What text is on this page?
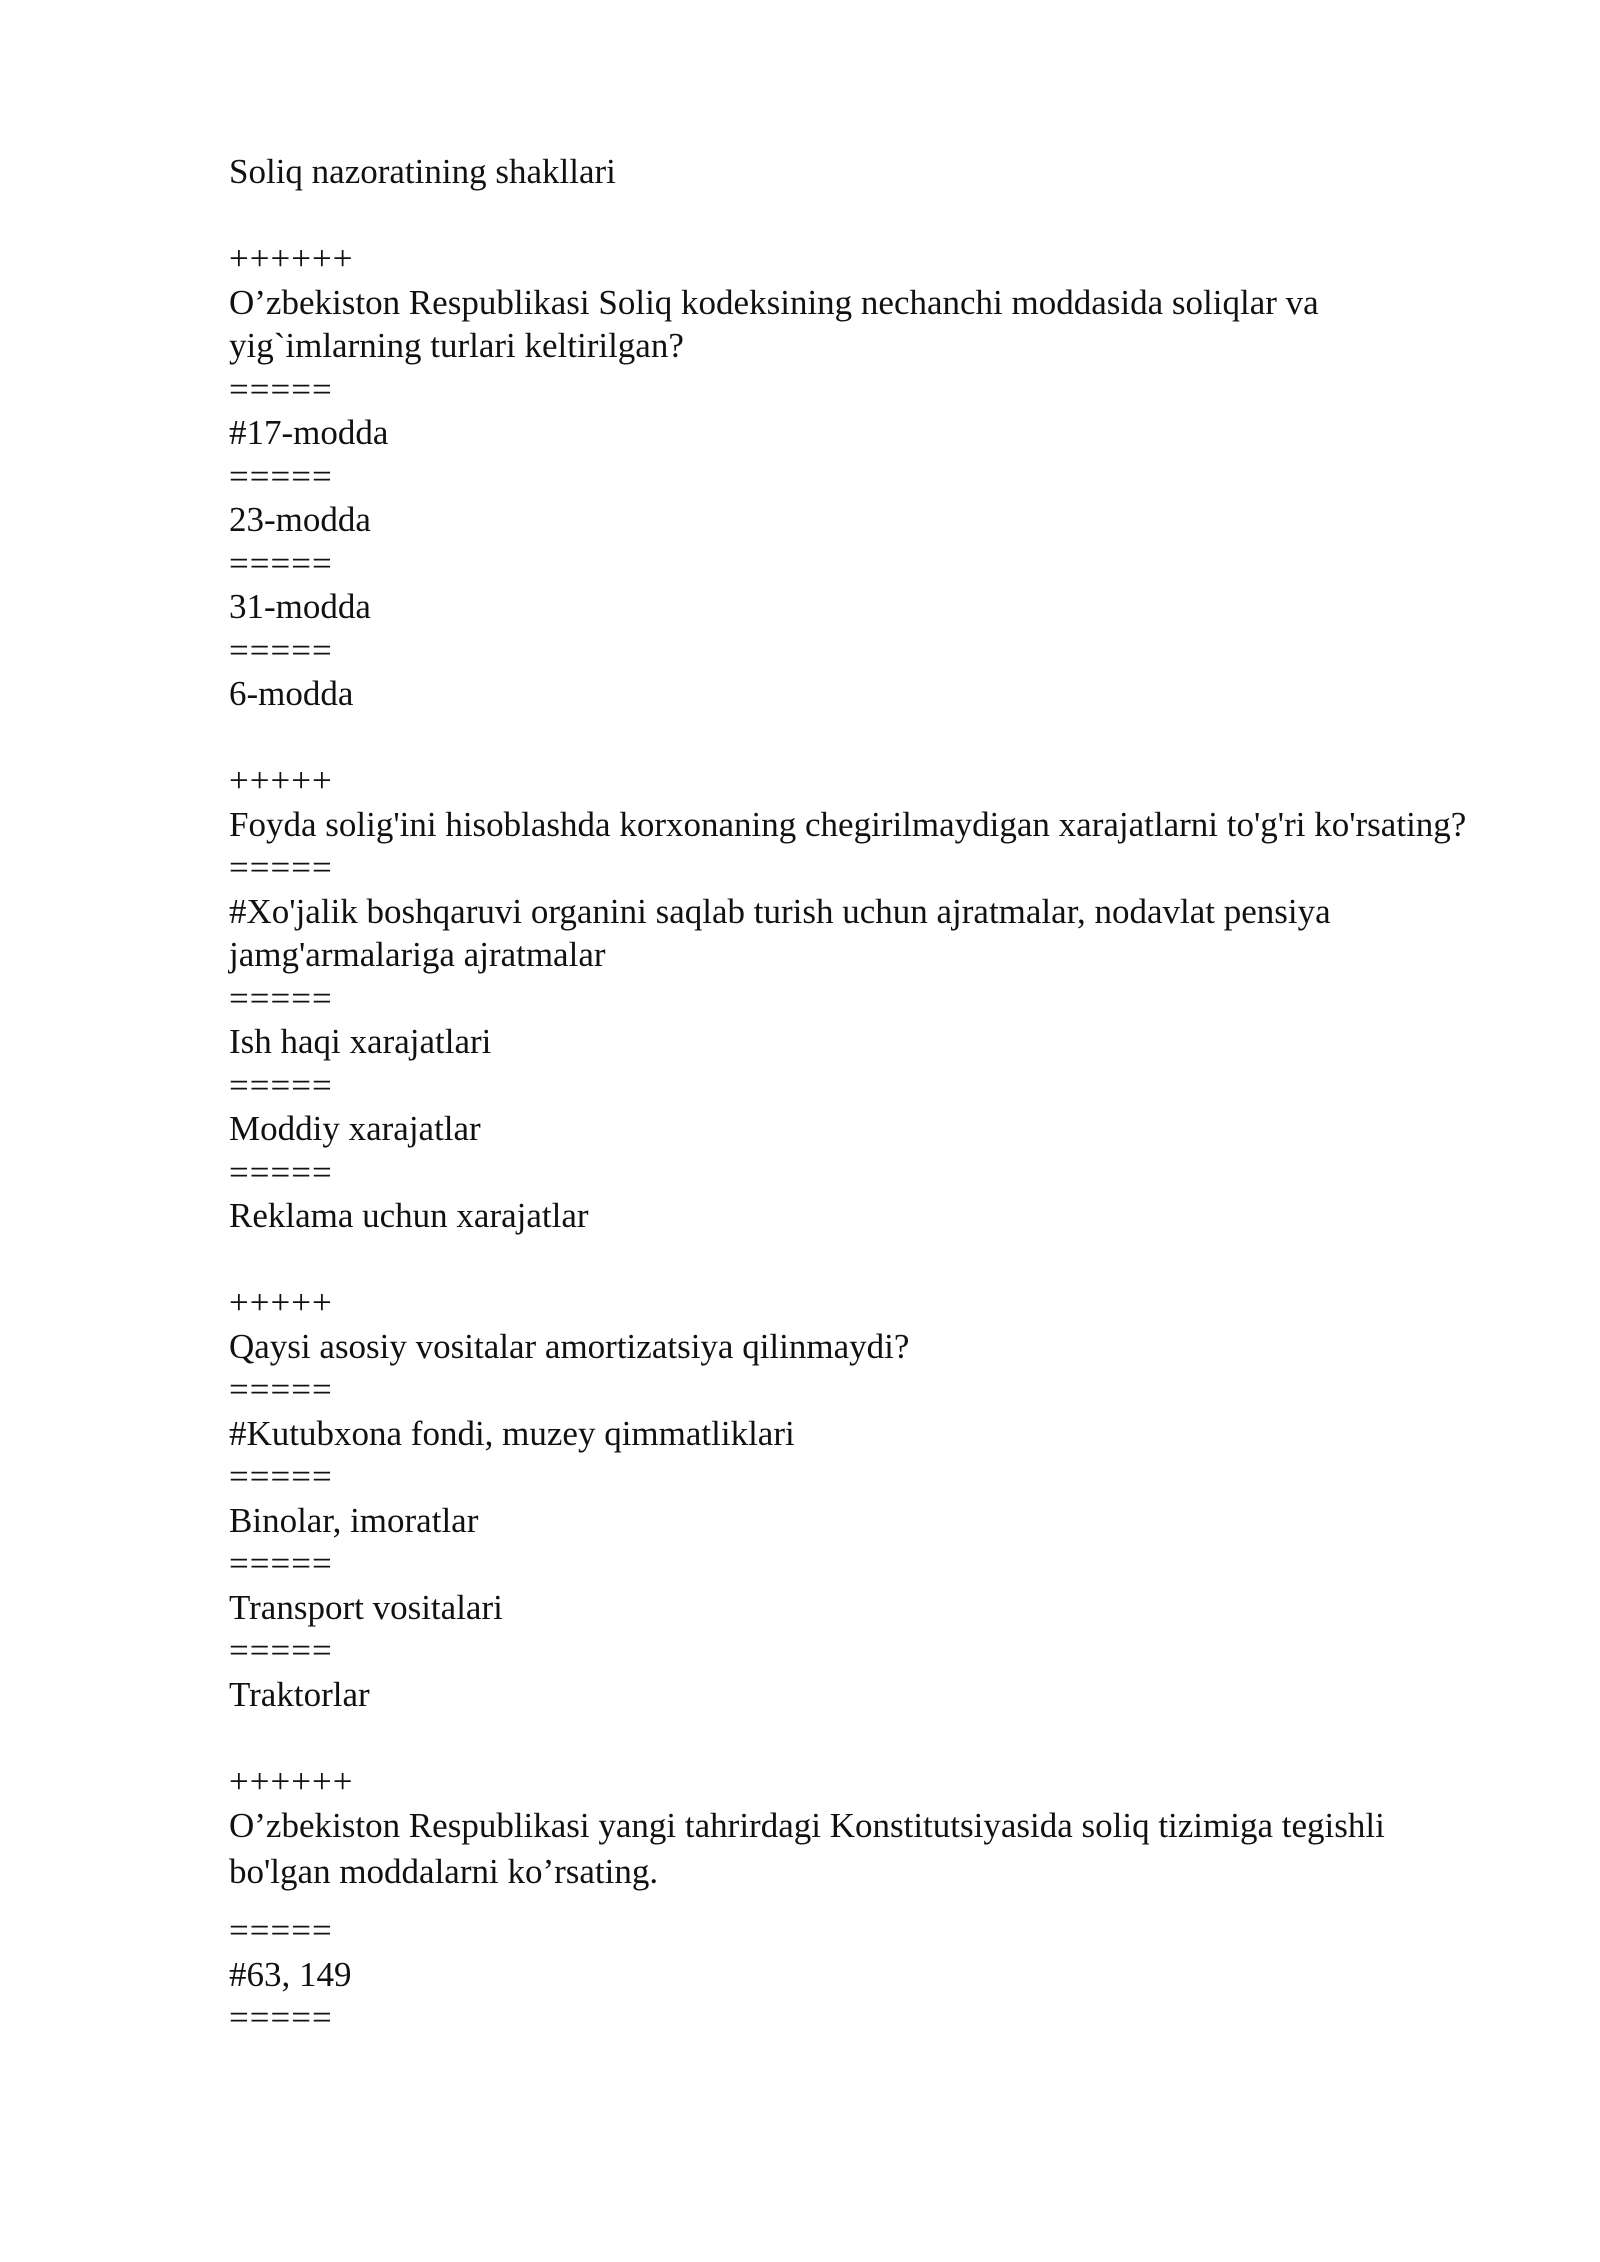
Soliq nazoratining shakllari

++++++

O’zbekiston Respublikasi Soliq kodeksining nechanchi moddasida soliqlar va yig`imlarning turlari keltirilgan?

=====

#17-modda

=====

23-modda

=====

31-modda

=====

6-modda

+++++

Foyda solig'ini hisoblashda korxonaning chegirilmaydigan xarajatlarni to'g'ri ko'rsating?

=====

#Xo'jalik boshqaruvi organini saqlab turish uchun ajratmalar, nodavlat pensiya jamg'armalariga ajratmalar

=====

Ish haqi xarajatlari

=====

Moddiy xarajatlar

=====

Reklama uchun xarajatlar

+++++

Qaysi asosiy vositalar amortizatsiya qilinmaydi?

=====

#Kutubxona fondi, muzey qimmatliklari

=====

Binolar, imoratlar

=====

Transport vositalari

=====

Traktorlar

++++++

O’zbekiston Respublikasi yangi tahrirdagi Konstitutsiyasida soliq tizimiga tegishli bo'lgan moddalarni ko’rsating.

=====

#63, 149

=====
